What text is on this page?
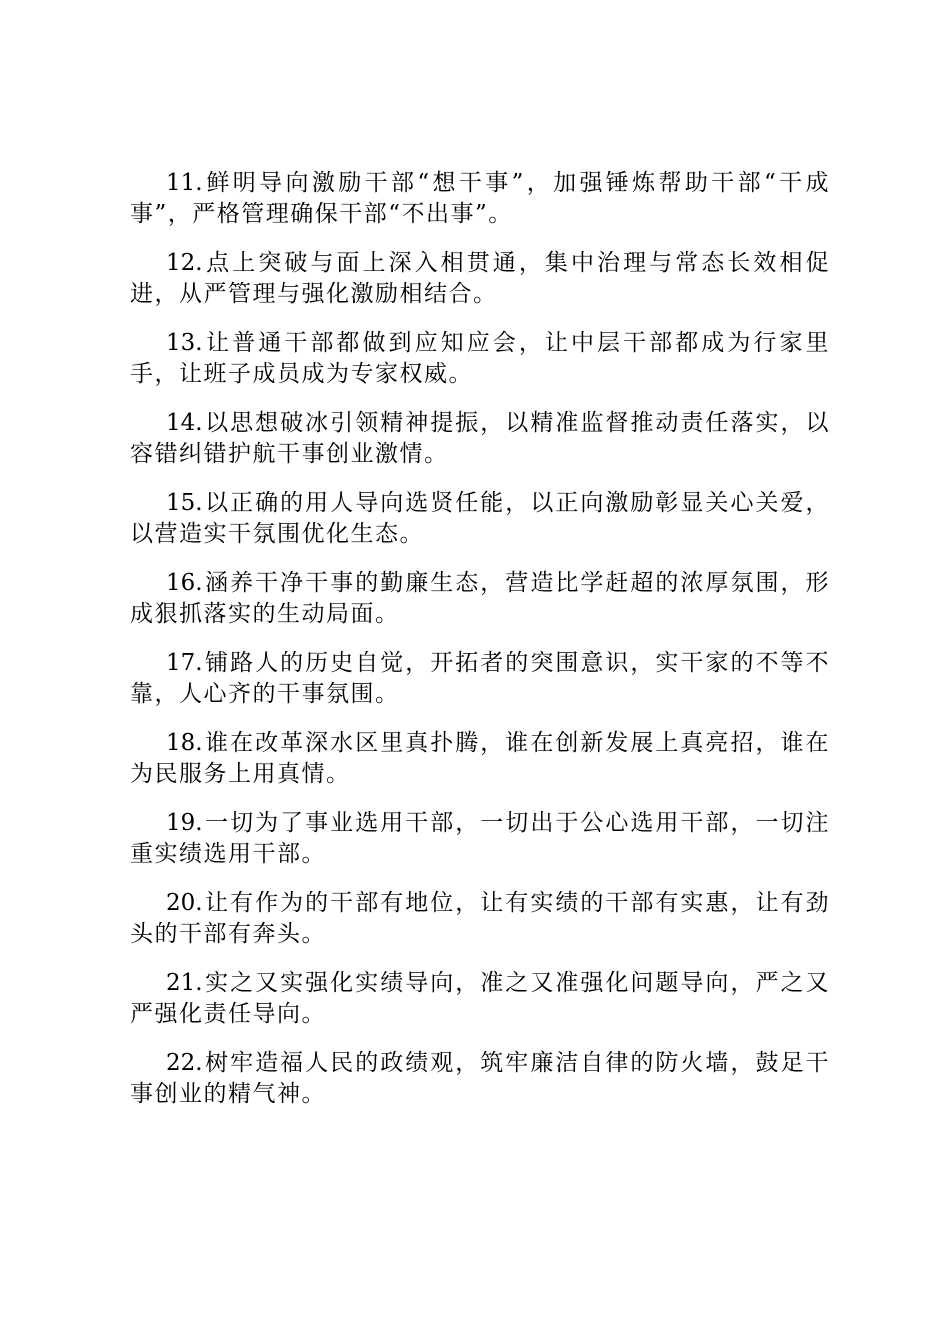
11.鲜明导向激励干部“想干事”，加强锤炼帮助干部“干成事”，严格管理确保干部“不出事”。

12.点上突破与面上深入相贯通，集中治理与常态长效相促进，从严管理与强化激励相结合。

13.让普通干部都做到应知应会，让中层干部都成为行家里手，让班子成员成为专家权威。

14.以思想破冰引领精神提振，以精准监督推动责任落实，以容错纠错护航干事创业激情。

15.以正确的用人导向选贤任能，以正向激励彰显关心关爱，以营造实干氛围优化生态。

16.涵养干净干事的勤廉生态，营造比学赶超的浓厚氛围，形成狠抓落实的生动局面。

17.铺路人的历史自觉，开拓者的突围意识，实干家的不等不靠，人心齐的干事氛围。

18.谁在改革深水区里真扑腾，谁在创新发展上真亮招，谁在为民服务上用真情。

19.一切为了事业选用干部，一切出于公心选用干部，一切注重实绩选用干部。

20.让有作为的干部有地位，让有实绩的干部有实惠，让有劲头的干部有奔头。

21.实之又实强化实绩导向，准之又准强化问题导向，严之又严强化责任导向。

22.树牢造福人民的政绩观，筑牢廉洁自律的防火墙，鼓足干事创业的精气神。
